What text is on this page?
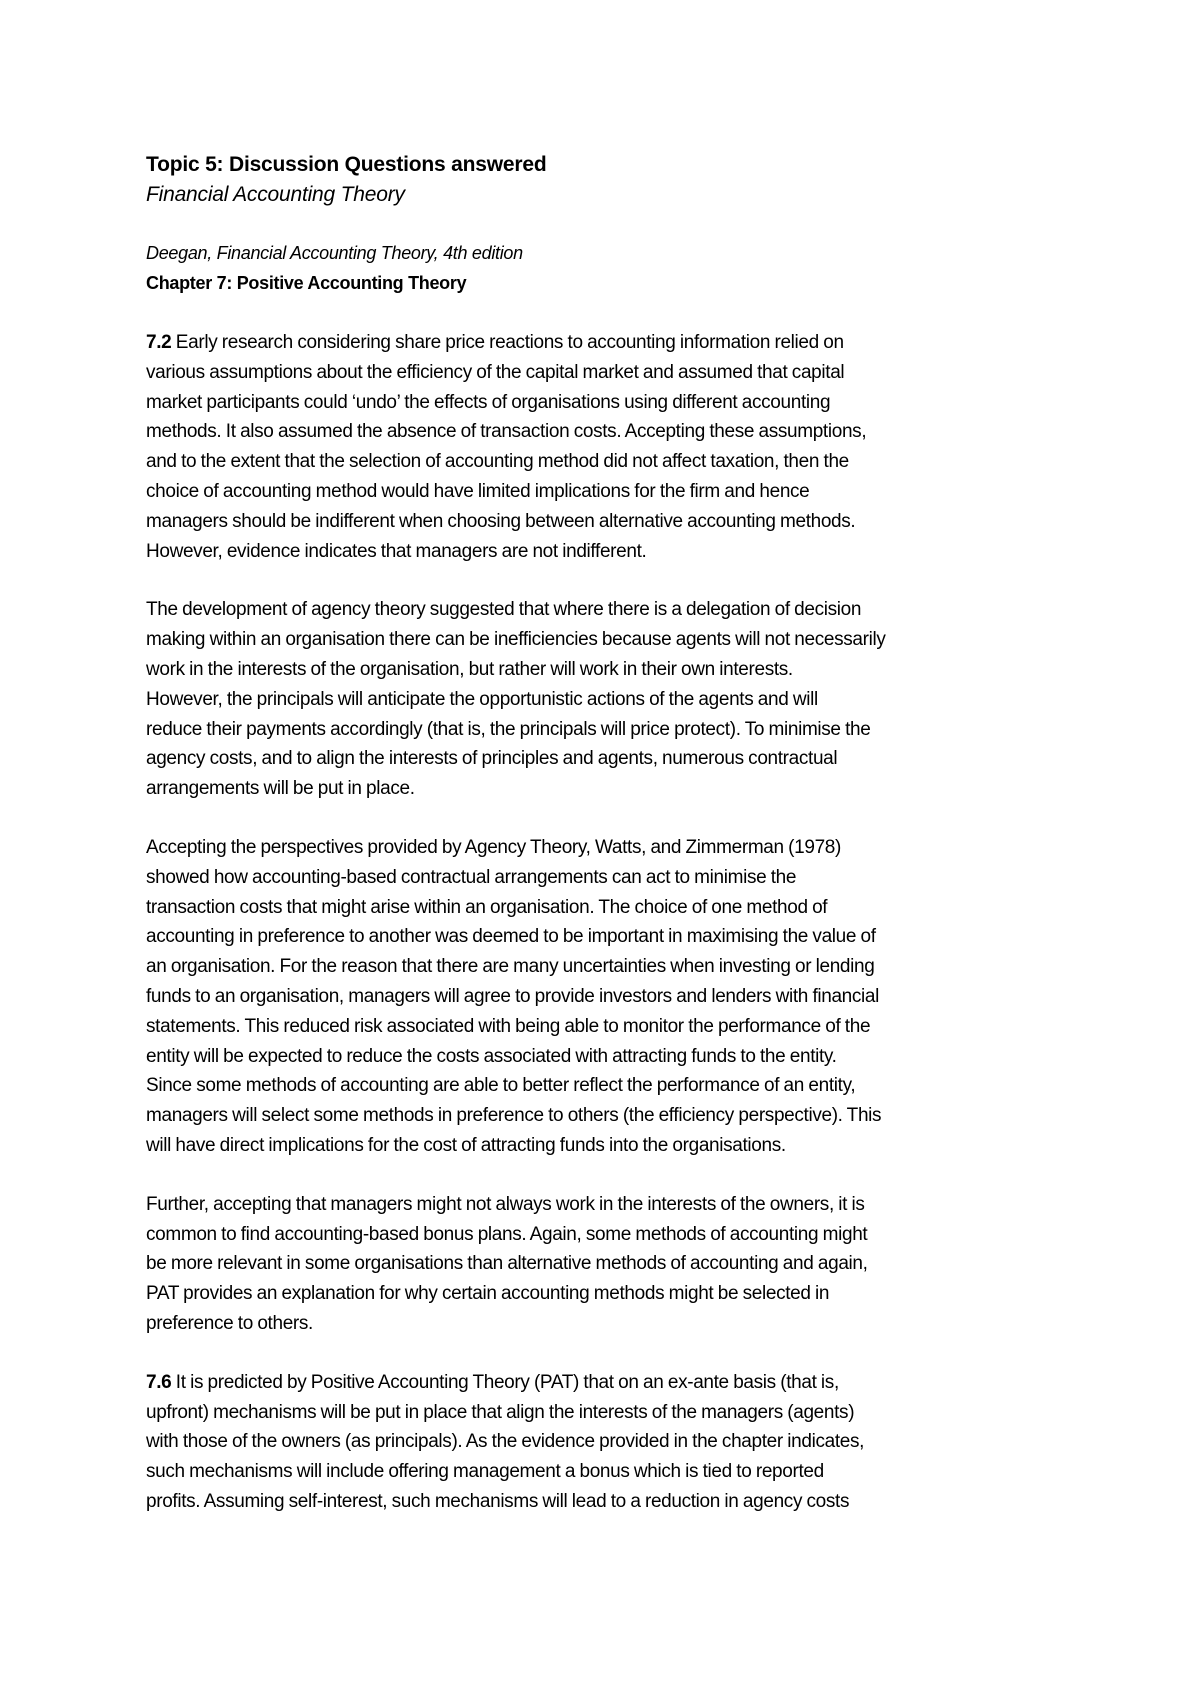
Topic 5: Discussion Questions answered

Financial Accounting Theory

Deegan, Financial Accounting Theory, 4th edition

Chapter 7: Positive Accounting Theory

7.2 Early research considering share price reactions to accounting information relied on
various assumptions about the efficiency of the capital market and assumed that capital
market participants could ‘undo’ the effects of organisations using different accounting
methods. It also assumed the absence of transaction costs. Accepting these assumptions,
and to the extent that the selection of accounting method did not affect taxation, then the
choice of accounting method would have limited implications for the firm and hence
managers should be indifferent when choosing between alternative accounting methods.
However, evidence indicates that managers are not indifferent.

The development of agency theory suggested that where there is a delegation of decision
making within an organisation there can be inefficiencies because agents will not necessarily
work in the interests of the organisation, but rather will work in their own interests.
However, the principals will anticipate the opportunistic actions of the agents and will
reduce their payments accordingly (that is, the principals will price protect). To minimise the
agency costs, and to align the interests of principles and agents, numerous contractual
arrangements will be put in place.

Accepting the perspectives provided by Agency Theory, Watts, and Zimmerman (1978)
showed how accounting-based contractual arrangements can act to minimise the
transaction costs that might arise within an organisation. The choice of one method of
accounting in preference to another was deemed to be important in maximising the value of
an organisation. For the reason that there are many uncertainties when investing or lending
funds to an organisation, managers will agree to provide investors and lenders with financial
statements. This reduced risk associated with being able to monitor the performance of the
entity will be expected to reduce the costs associated with attracting funds to the entity.
Since some methods of accounting are able to better reflect the performance of an entity,
managers will select some methods in preference to others (the efficiency perspective). This
will have direct implications for the cost of attracting funds into the organisations.

Further, accepting that managers might not always work in the interests of the owners, it is
common to find accounting-based bonus plans. Again, some methods of accounting might
be more relevant in some organisations than alternative methods of accounting and again,
PAT provides an explanation for why certain accounting methods might be selected in
preference to others.

7.6 It is predicted by Positive Accounting Theory (PAT) that on an ex-ante basis (that is,
upfront) mechanisms will be put in place that align the interests of the managers (agents)
with those of the owners (as principals). As the evidence provided in the chapter indicates,
such mechanisms will include offering management a bonus which is tied to reported
profits. Assuming self-interest, such mechanisms will lead to a reduction in agency costs
